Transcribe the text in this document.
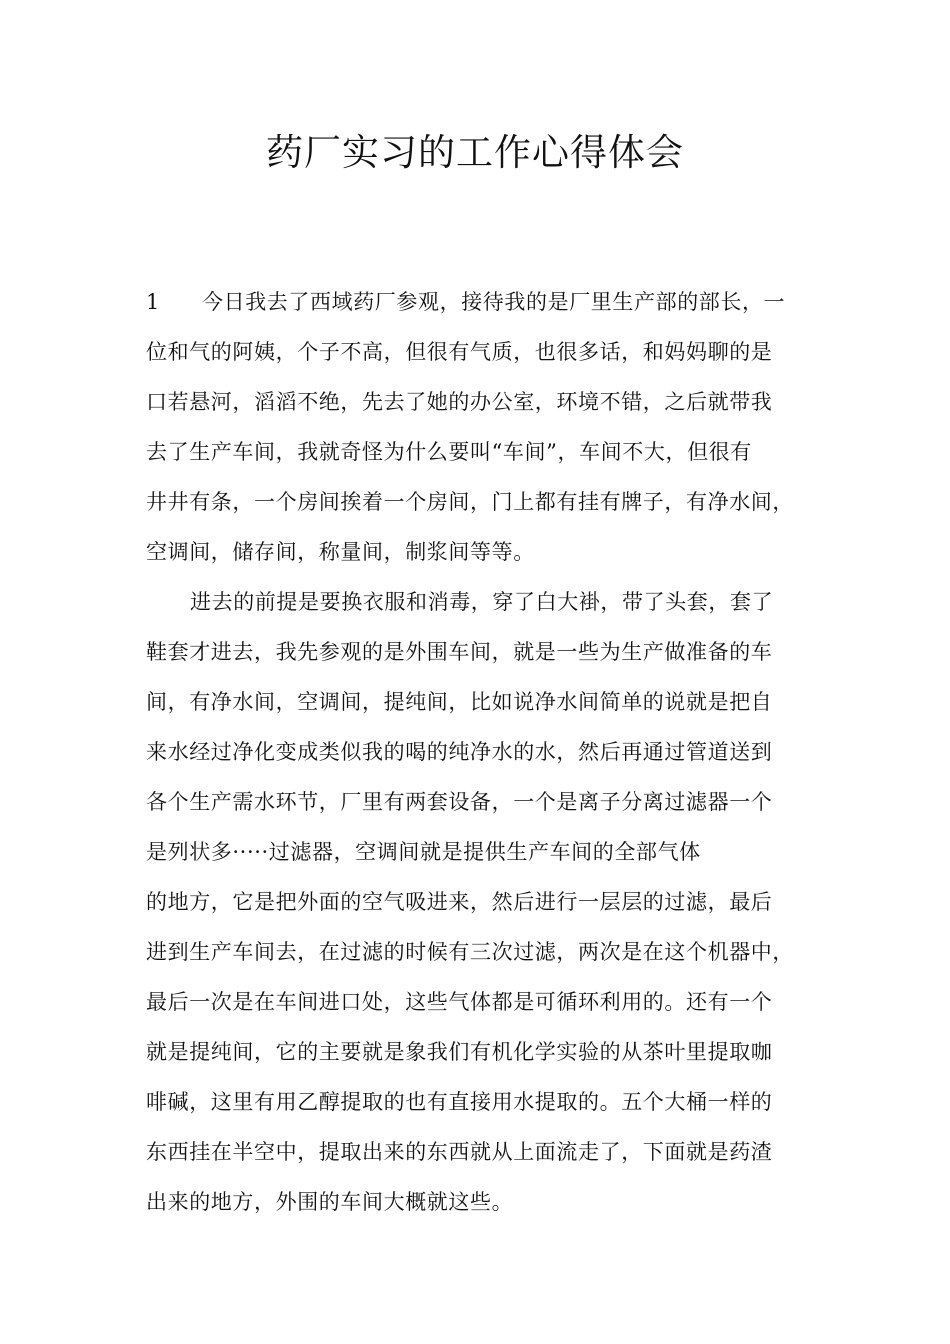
药厂实习的工作心得体会
1 今日我去了西域药厂参观，接待我的是厂里生产部的部长，一
位和气的阿姨，个子不高，但很有气质，也很多话，和妈妈聊的是
口若悬河，滔滔不绝，先去了她的办公室，环境不错，之后就带我
去了生产车间，我就奇怪为什么要叫“车间”，车间不大，但很有
井井有条，一个房间挨着一个房间，门上都有挂有牌子，有净水间，
空调间，储存间，称量间，制浆间等等。
进去的前提是要换衣服和消毒，穿了白大褂，带了头套，套了
鞋套才进去，我先参观的是外围车间，就是一些为生产做准备的车
间，有净水间，空调间，提纯间，比如说净水间简单的说就是把自
来水经过净化变成类似我的喝的纯净水的水，然后再通过管道送到
各个生产需水环节，厂里有两套设备，一个是离子分离过滤器一个
是列状多·····过滤器，空调间就是提供生产车间的全部气体
的地方，它是把外面的空气吸进来，然后进行一层层的过滤，最后
进到生产车间去，在过滤的时候有三次过滤，两次是在这个机器中，
最后一次是在车间进口处，这些气体都是可循环利用的。还有一个
就是提纯间，它的主要就是象我们有机化学实验的从茶叶里提取咖
啡碱，这里有用乙醇提取的也有直接用水提取的。五个大桶一样的
东西挂在半空中，提取出来的东西就从上面流走了，下面就是药渣
出来的地方，外围的车间大概就这些。
